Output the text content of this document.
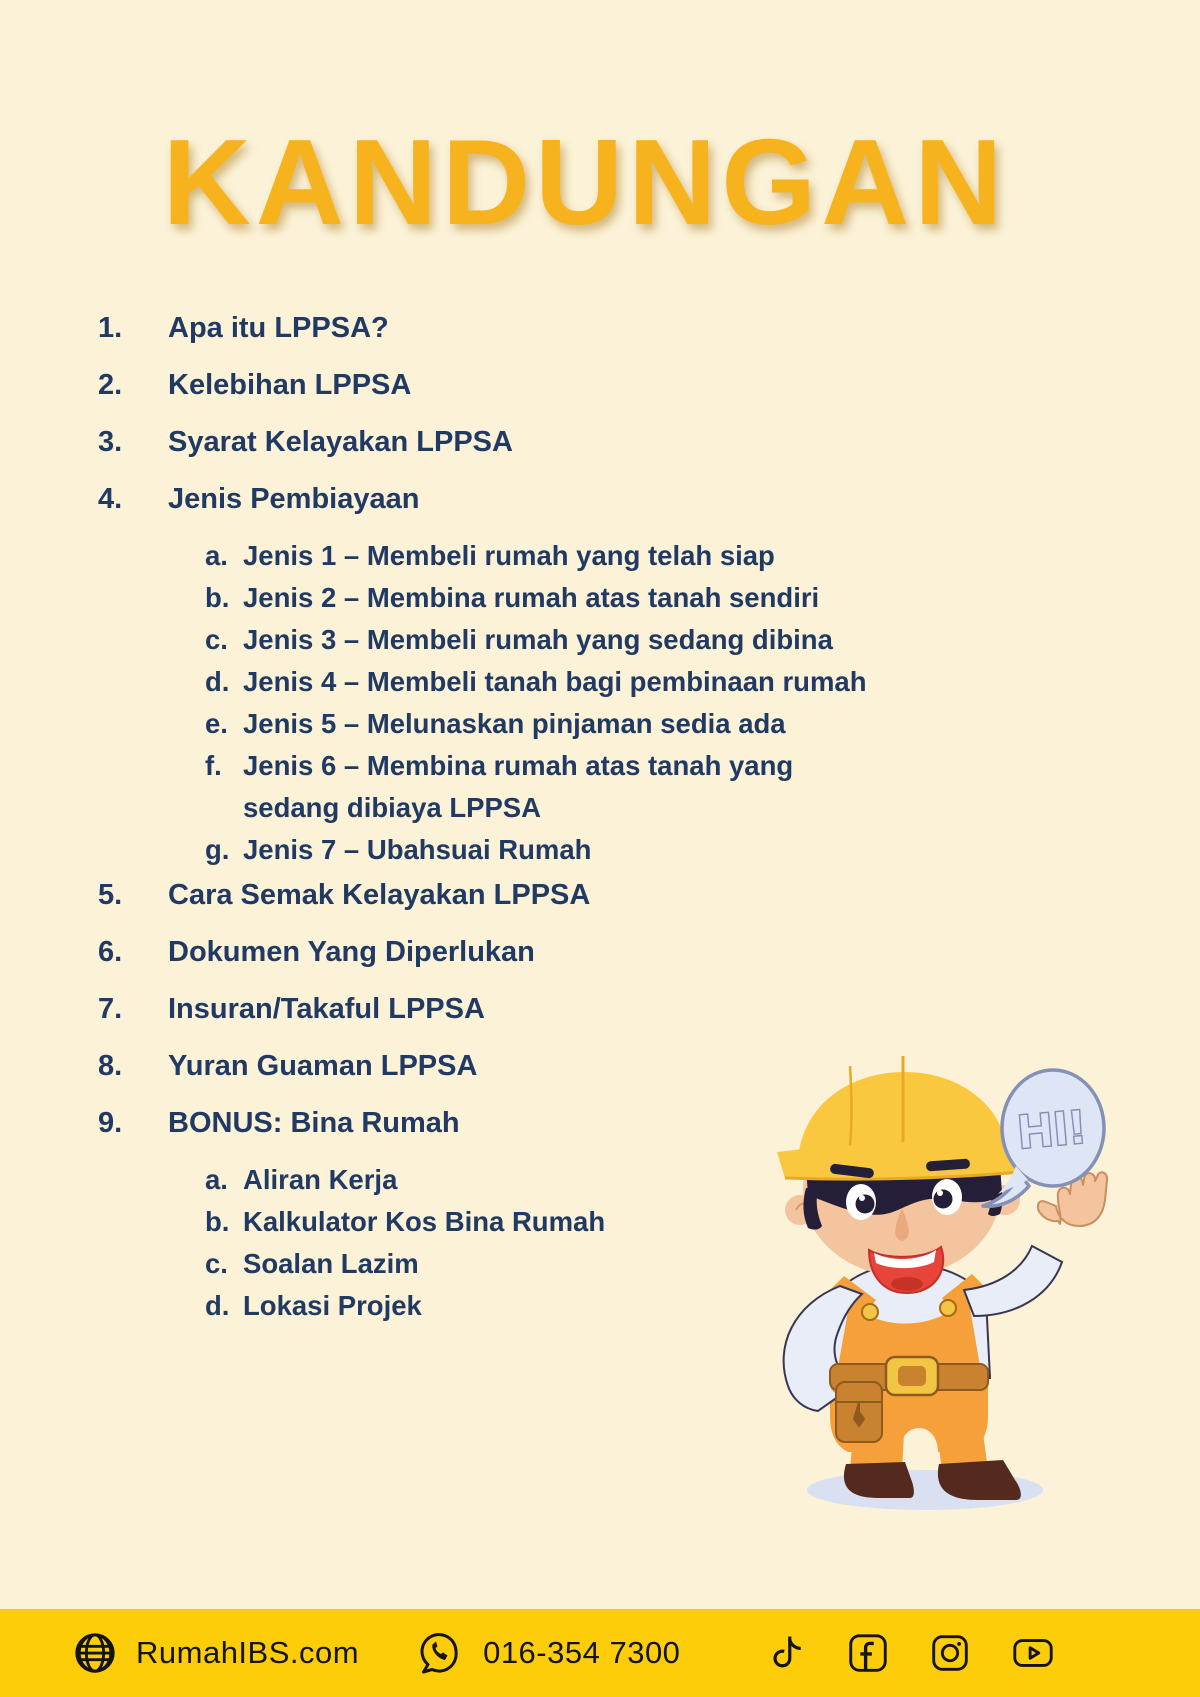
KANDUNGAN
1.	Apa itu LPPSA?
2.	Kelebihan LPPSA
3.	Syarat Kelayakan LPPSA
4.	Jenis Pembiayaan
a. Jenis 1 – Membeli rumah yang telah siap
b. Jenis 2 – Membina rumah atas tanah sendiri
c. Jenis 3 – Membeli rumah yang sedang dibina
d. Jenis 4 – Membeli tanah bagi pembinaan rumah
e. Jenis 5 – Melunaskan pinjaman sedia ada
f. Jenis 6 – Membina rumah atas tanah yang
sedang dibiaya LPPSA
g. Jenis 7 – Ubahsuai Rumah
5.	Cara Semak Kelayakan LPPSA
6.	Dokumen Yang Diperlukan
7.	Insuran/Takaful LPPSA
8.	Yuran Guaman LPPSA
9.	BONUS: Bina Rumah
a. Aliran Kerja
b. Kalkulator Kos Bina Rumah
c. Soalan Lazim
d. Lokasi Projek
HI!
RumahIBS.com	016-354 7300
